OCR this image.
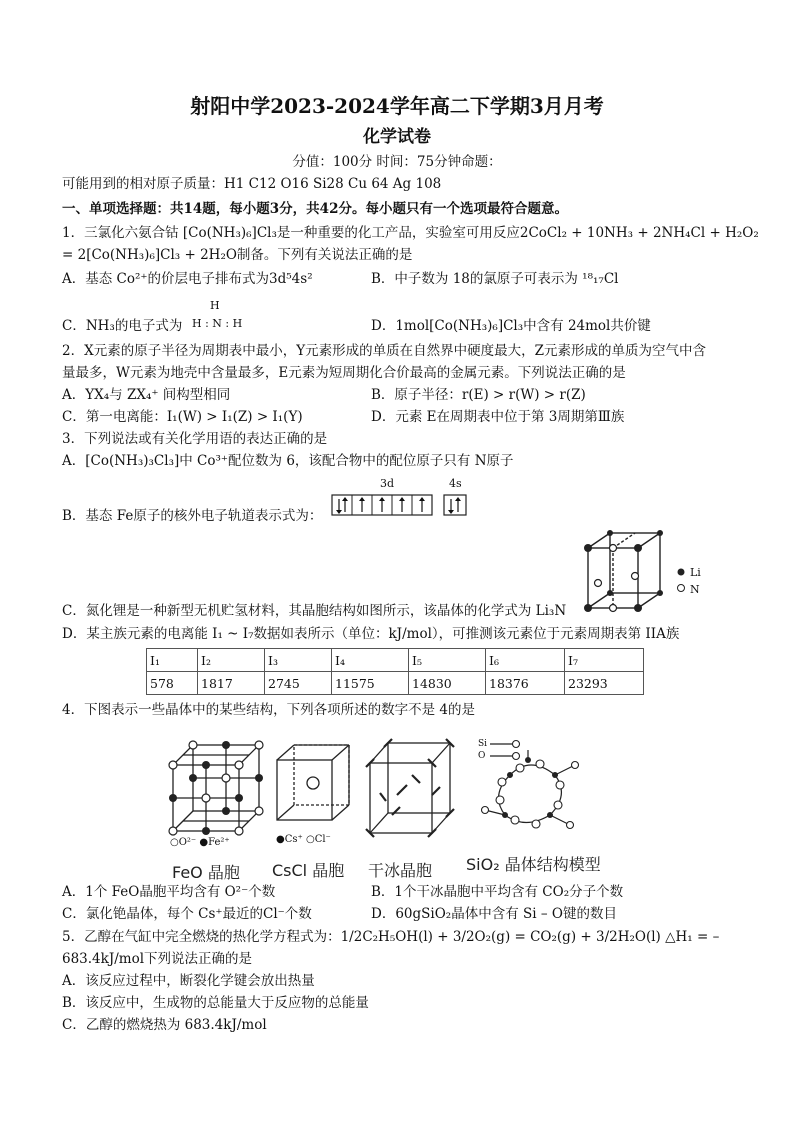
射阳中学2023-2024学年高二下学期3月月考
化学试卷
分值：100分 时间：75分钟命题：
可能用到的相对原子质量：H1 C12 O16 Si28 Cu 64 Ag 108
一、单项选择题：共14题，每小题3分，共42分。每小题只有一个选项最符合题意。
1．三氯化六氨合钴 [Co(NH₃)₆]Cl₃是一种重要的化工产品，实验室可用反应2CoCl₂ + 10NH₃ + 2NH₄Cl + H₂O₂
= 2[Co(NH₃)₆]Cl₃ + 2H₂O制备。下列有关说法正确的是
A．基态 Co²⁺的价层电子排布式为3d⁵4s²	B．中子数为 18的氯原子可表示为 ¹⁸₁₇Cl
C．NH₃的电子式为
H
H : N : H	D．1mol[Co(NH₃)₆]Cl₃中含有 24mol共价键
2．X元素的原子半径为周期表中最小，Y元素形成的单质在自然界中硬度最大，Z元素形成的单质为空气中含
量最多，W元素为地壳中含量最多，E元素为短周期化合价最高的金属元素。下列说法正确的是
A．YX₄与 ZX₄⁺ 间构型相同	B．原子半径：r(E) > r(W) > r(Z)
C．第一电离能：I₁(W) > I₁(Z) > I₁(Y)	D．元素 E在周期表中位于第 3周期第Ⅲ族
3．下列说法或有关化学用语的表达正确的是
A．[Co(NH₃)₃Cl₃]中 Co³⁺配位数为 6，该配合物中的配位原子只有 N原子
B．基态 Fe原子的核外电子轨道表示式为：
3d	4s
Li
N
C．氮化锂是一种新型无机贮氢材料，其晶胞结构如图所示，该晶体的化学式为 Li₃N
D．某主族元素的电离能 I₁ ~ I₇数据如表所示（单位：kJ/mol），可推测该元素位于元素周期表第 IIA族
I₁	I₂	I₃	I₄	I₅	I₆	I₇
578	1817	2745	11575	14830	18376	23293
4．下图表示一些晶体中的某些结构，下列各项所述的数字不是 4的是
○O²⁻ ●Fe²⁺	●Cs⁺ ○Cl⁻
Si
O
FeO 晶胞 CsCl 晶胞 干冰晶胞 SiO₂ 晶体结构模型
A．1个 FeO晶胞平均含有 O²⁻个数	B．1个干冰晶胞中平均含有 CO₂分子个数
C．氯化铯晶体，每个 Cs⁺最近的Cl⁻个数	D．60gSiO₂晶体中含有 Si – O键的数目
5．乙醇在气缸中完全燃烧的热化学方程式为：1/2C₂H₅OH(l) + 3/2O₂(g) = CO₂(g) + 3/2H₂O(l) △H₁ = –
683.4kJ/mol下列说法正确的是
A．该反应过程中，断裂化学键会放出热量
B．该反应中，生成物的总能量大于反应物的总能量
C．乙醇的燃烧热为 683.4kJ/mol
